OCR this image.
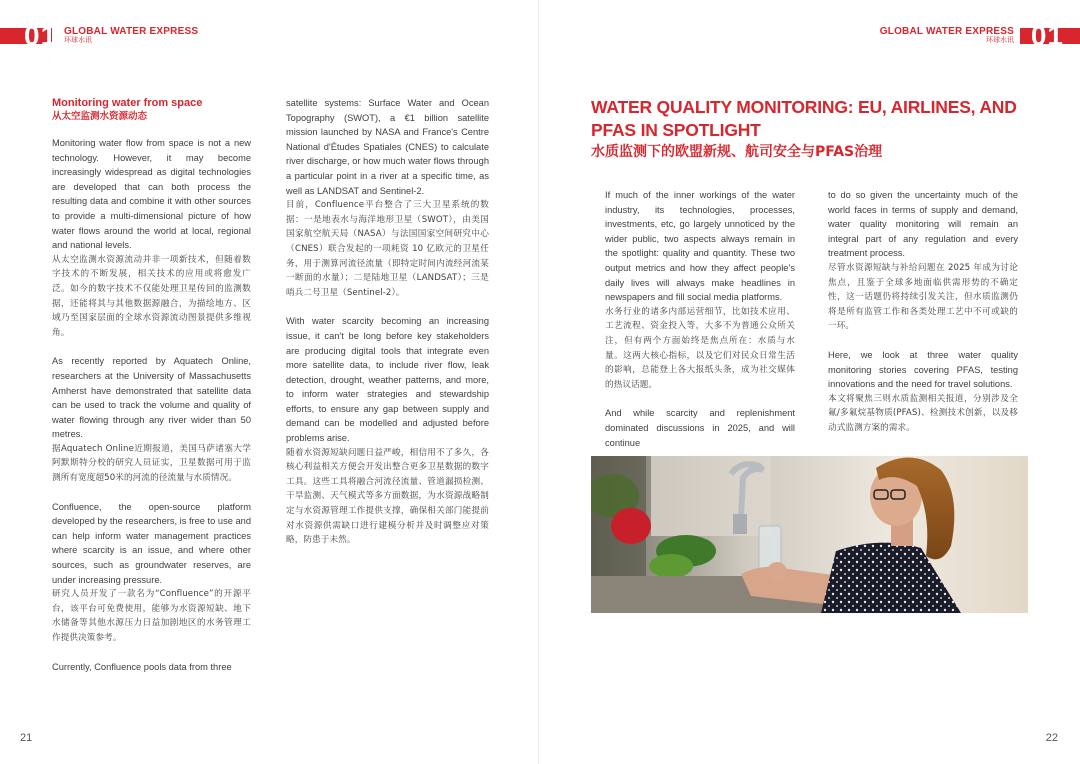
01 GLOBAL WATER EXPRESS
环球水讯
Monitoring water from space
从太空监测水资源动态

Monitoring water flow from space is not a new technology. However, it may become increasingly widespread as digital technologies are developed that can both process the resulting data and combine it with other sources to provide a multi-dimensional picture of how water flows around the world at local, regional and national levels.

从太空监测水资源流动并非一项新技术，但随着数字技术的不断发展，相关技术的应用或将愈发广泛。如今的数字技术不仅能处理卫星传回的监测数据，还能将其与其他数据源融合，为描绘地方、区域乃至国家层面的全球水资源流动图景提供多维视角。

As recently reported by Aquatech Online, researchers at the University of Massachusetts Amherst have demonstrated that satellite data can be used to track the volume and quality of water flowing through any river wider than 50 metres.

据Aquatech Online近期报道，美国马萨诸塞大学阿默斯特分校的研究人员证实，卫星数据可用于监测所有宽度超50米的河流的径流量与水质情况。

Confluence, the open-source platform developed by the researchers, is free to use and can help inform water management practices where scarcity is an issue, and where other sources, such as groundwater reserves, are under increasing pressure.

研究人员开发了一款名为“Confluence”的开源平台，该平台可免费使用，能够为水资源短缺、地下水储备等其他水源压力日益加剧地区的水务管理工作提供决策参考。

Currently, Confluence pools data from three

satellite systems: Surface Water and Ocean Topography (SWOT), a €1 billion satellite mission launched by NASA and France's Centre National d'Études Spatiales (CNES) to calculate river discharge, or how much water flows through a particular point in a river at a specific time, as well as LANDSAT and Sentinel-2.

目前，Confluence平台整合了三大卫星系统的数据：一是地表水与海洋地形卫星（SWOT），由美国国家航空航天局（NASA）与法国国家空间研究中心（CNES）联合发起的一项耗资 10 亿欧元的卫星任务，用于测算河流径流量（即特定时间内流经河流某一断面的水量）；二是陆地卫星（LANDSAT）；三是哨兵二号卫星（Sentinel-2）。

With water scarcity becoming an increasing issue, it can't be long before key stakeholders are producing digital tools that integrate even more satellite data, to include river flow, leak detection, drought, weather patterns, and more, to inform water strategies and stewardship efforts, to ensure any gap between supply and demand can be modelled and adjusted before problems arise.

随着水资源短缺问题日益严峻，相信用不了多久，各核心利益相关方便会开发出整合更多卫星数据的数字工具。这些工具将融合河流径流量、管道漏损检测、干旱监测、天气模式等多方面数据，为水资源战略制定与水资源管理工作提供支撑，确保相关部门能提前对水资源供需缺口进行建模分析并及时调整应对策略，防患于未然。

21
01
GLOBAL WATER EXPRESS
环球水讯
22
WATER QUALITY MONITORING: EU, AIRLINES, AND PFAS IN SPOTLIGHT
水质监测下的欧盟新规、航司安全与PFAS治理

If much of the inner workings of the water industry, its technologies, processes, investments, etc, go largely unnoticed by the wider public, two aspects always remain in the spotlight: quality and quantity. These two output metrics and how they affect people’s daily lives will always make headlines in newspapers and fill social media platforms.

水务行业的诸多内部运营细节，比如技术应用、工艺流程、资金投入等，大多不为普通公众所关注，但有两个方面始终是焦点所在：水质与水量。这两大核心指标，以及它们对民众日常生活的影响，总能登上各大报纸头条，成为社交媒体的热议话题。

And while scarcity and replenishment dominated discussions in 2025, and will continue

to do so given the uncertainty much of the world faces in terms of supply and demand, water quality monitoring will remain an integral part of any regulation and every treatment process.

尽管水资源短缺与补给问题在 2025 年成为讨论焦点，且鉴于全球多地面临供需形势的不确定性，这一话题仍将持续引发关注，但水质监测仍将是所有监管工作和各类处理工艺中不可或缺的一环。

Here, we look at three water quality monitoring stories covering PFAS, testing innovations and the need for travel solutions.

本文将聚焦三则水质监测相关报道，分别涉及全氟/多氟烷基物质(PFAS)、检测技术创新，以及移动式监测方案的需求。
